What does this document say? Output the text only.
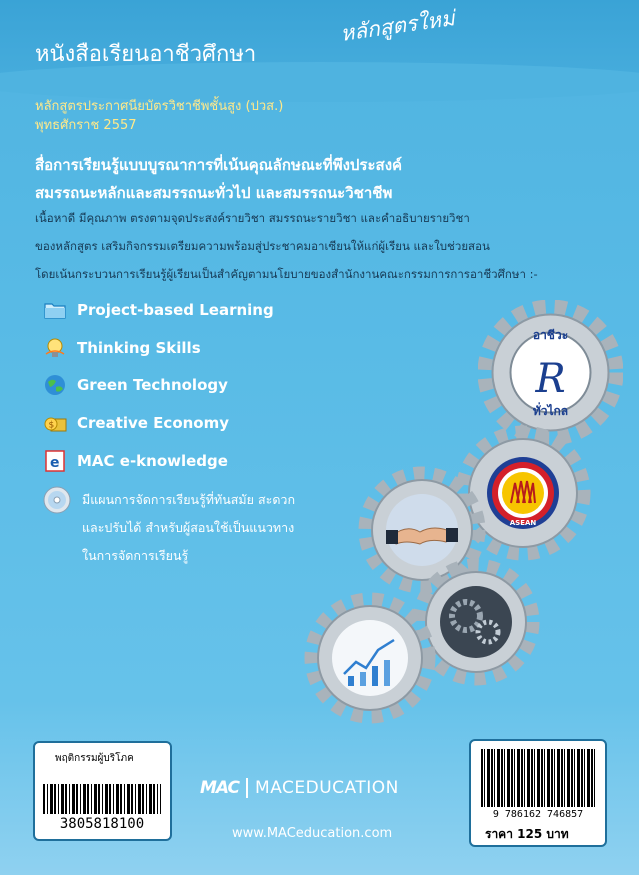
หนังสือเรียนอาชีวศึกษา
หลักสูตรใหม่
หลักสูตรประกาศนียบัตรวิชาชีพชั้นสูง (ปวส.)
พุทธศักราช 2557
สื่อการเรียนรู้แบบบูรณาการที่เน้นคุณลักษณะที่พึงประสงค์
สมรรถนะหลักและสมรรถนะทั่วไป และสมรรถนะวิชาชีพ
เนื้อหาดี มีคุณภาพ ตรงตามจุดประสงค์รายวิชา สมรรถนะรายวิชา และคำอธิบายรายวิชา
ของหลักสูตร เสริมกิจกรรมเตรียมความพร้อมสู่ประชาคมอาเซียนให้แก่ผู้เรียน และใบช่วยสอน
โดยเน้นกระบวนการเรียนรู้ผู้เรียนเป็นสำคัญตามนโยบายของสำนักงานคณะกรรมการการอาชีวศึกษา :-
Project-based Learning
Thinking Skills
Green Technology
$ Creative Economy
e MAC e-knowledge
มีแผนการจัดการเรียนรู้ที่ทันสมัย สะดวก
และปรับได้ สำหรับผู้สอนใช้เป็นแนวทาง
ในการจัดการเรียนรู้
R
อาชีวะ
ทั่วไกล
ASEAN
พฤติกรรมผู้บริโภค
3805818100
9 786162 746857
ราคา 125 บาท
MAC MACEDUCATION
www.MACeducation.com
